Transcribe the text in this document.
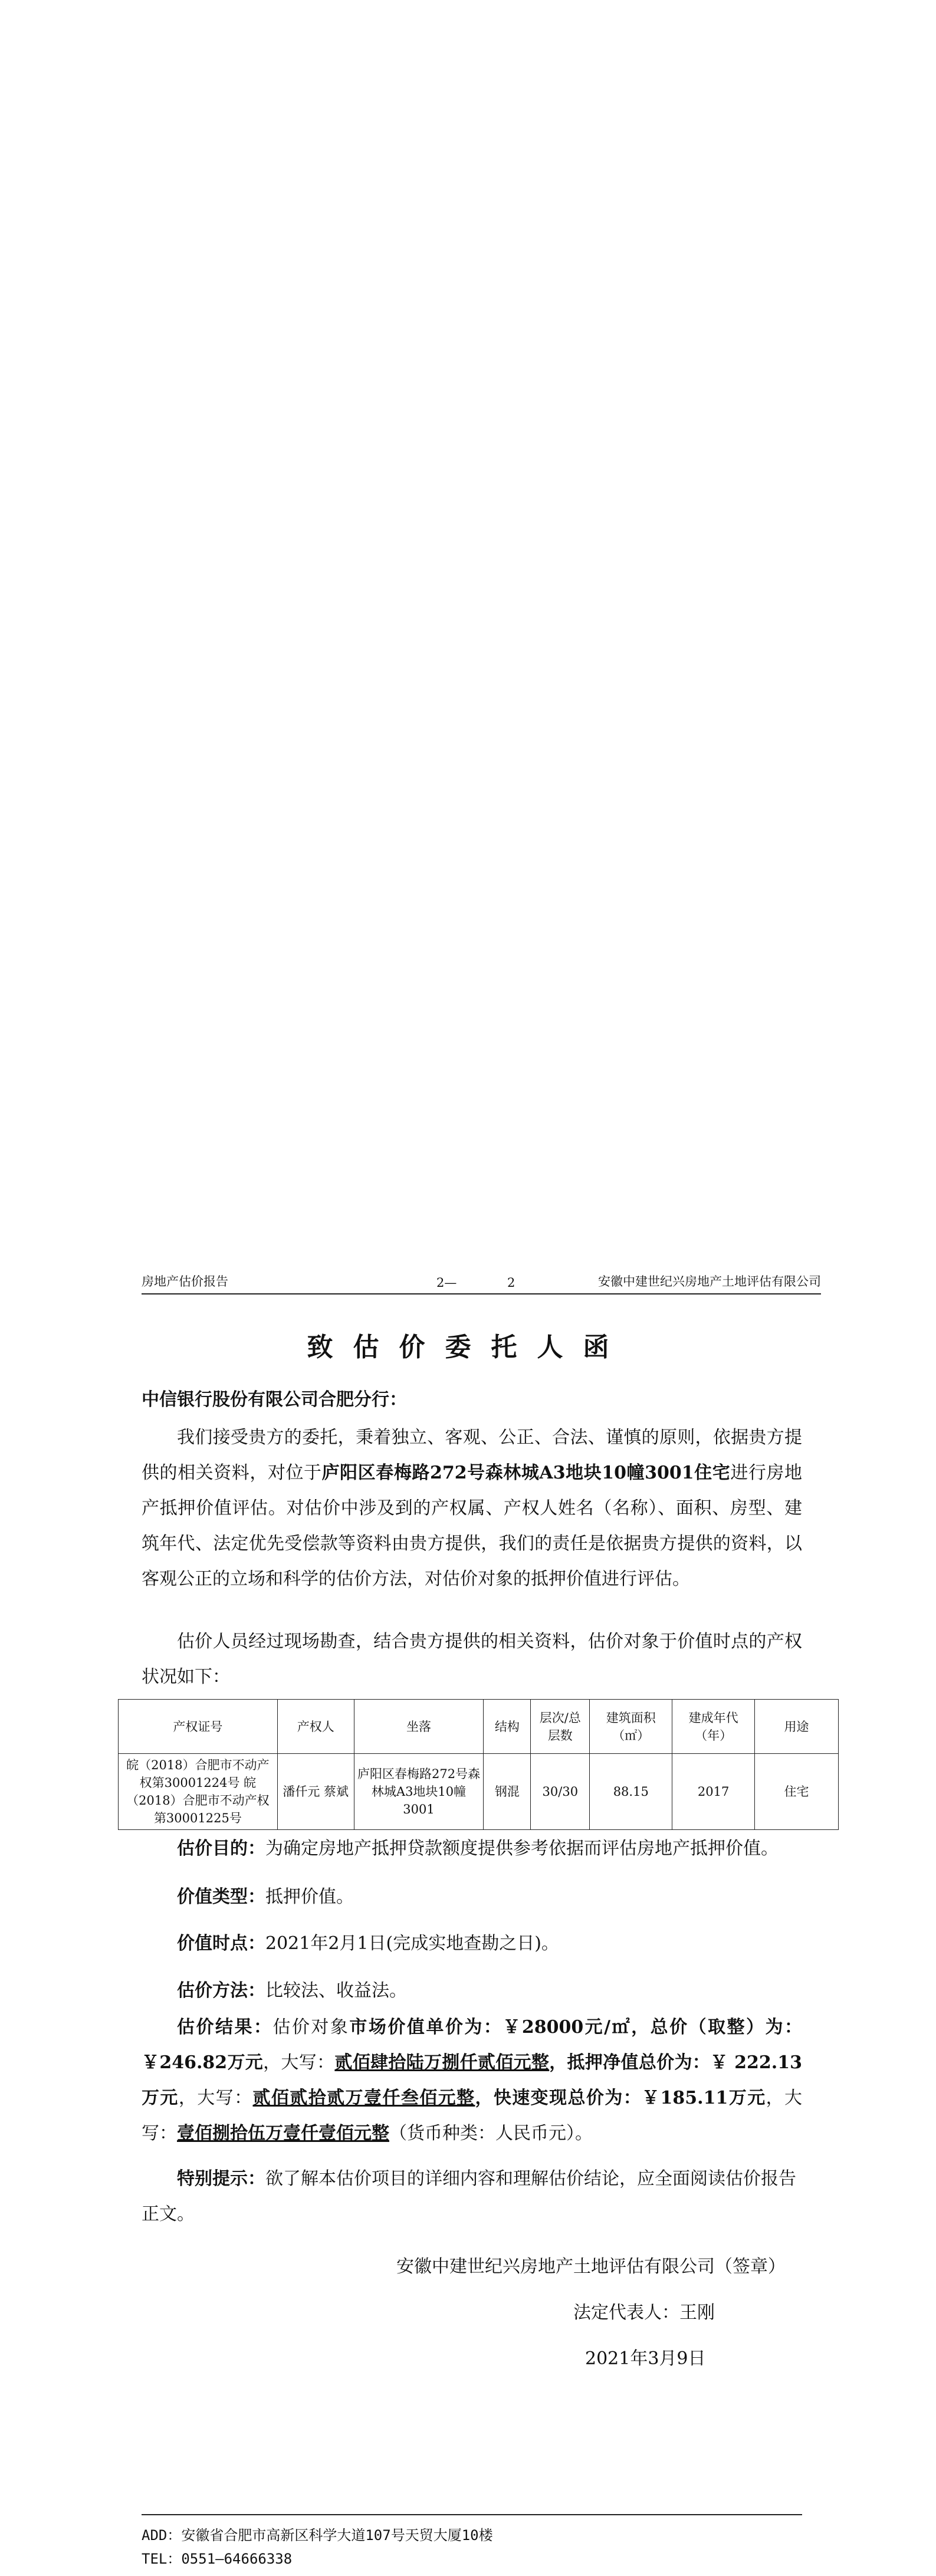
房地产估价报告	2—	2	安徽中建世纪兴房地产土地评估有限公司
致估价委托人函
中信银行股份有限公司合肥分行：
我们接受贵方的委托，秉着独立、客观、公正、合法、谨慎的原则，依据贵方提供的相关资料，对位于庐阳区春梅路272号森林城A3地块10幢3001住宅进行房地产抵押价值评估。对估价中涉及到的产权属、产权人姓名（名称）、面积、房型、建筑年代、法定优先受偿款等资料由贵方提供，我们的责任是依据贵方提供的资料，以客观公正的立场和科学的估价方法，对估价对象的抵押价值进行评估。
估价人员经过现场勘查，结合贵方提供的相关资料，估价对象于价值时点的产权状况如下：
产权证号	产权人	坐落	结构	层次/总层数	建筑面积（㎡）	建成年代（年）	用途
皖（2018）合肥市不动产权第30001224号 皖（2018）合肥市不动产权第30001225号	潘仟元 蔡斌	庐阳区春梅路272号森林城A3地块10幢3001	钢混	30/30	88.15	2017	住宅
估价目的：为确定房地产抵押贷款额度提供参考依据而评估房地产抵押价值。
价值类型：抵押价值。
价值时点：2021年2月1日(完成实地查勘之日)。
估价方法：比较法、收益法。
估价结果：估价对象市场价值单价为：￥28000元/㎡，总价（取整）为：￥246.82万元，大写：贰佰肆拾陆万捌仟贰佰元整，抵押净值总价为：￥ 222.13万元，大写：贰佰贰拾贰万壹仟叁佰元整，快速变现总价为：￥185.11万元，大写：壹佰捌拾伍万壹仟壹佰元整（货币种类：人民币元）。
特别提示：欲了解本估价项目的详细内容和理解估价结论，应全面阅读估价报告正文。
安徽中建世纪兴房地产土地评估有限公司（签章）
法定代表人：王刚
2021年3月9日
ADD：安徽省合肥市高新区科学大道107号天贸大厦10楼
TEL：0551—64666338
